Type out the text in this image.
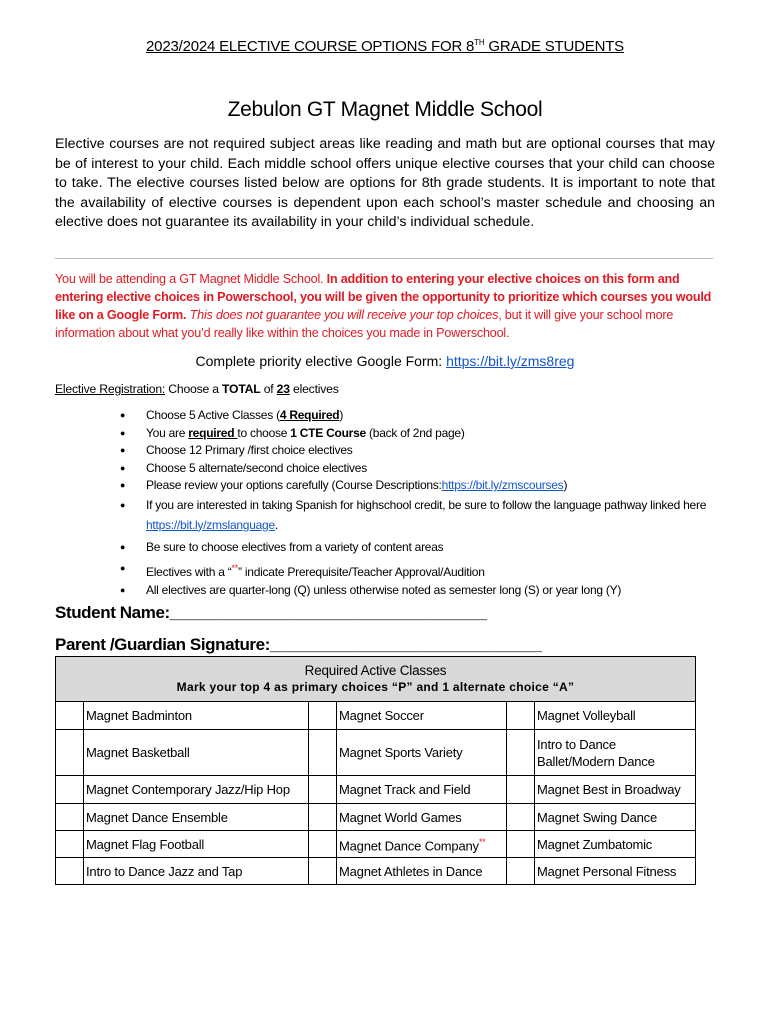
2023/2024 ELECTIVE COURSE OPTIONS FOR 8TH GRADE STUDENTS
Zebulon GT Magnet Middle School
Elective courses are not required subject areas like reading and math but are optional courses that may be of interest to your child. Each middle school offers unique elective courses that your child can choose to take. The elective courses listed below are options for 8th grade students. It is important to note that the availability of elective courses is dependent upon each school’s master schedule and choosing an elective does not guarantee its availability in your child’s individual schedule.
You will be attending a GT Magnet Middle School. In addition to entering your elective choices on this form and entering elective choices in Powerschool, you will be given the opportunity to prioritize which courses you would like on a Google Form. This does not guarantee you will receive your top choices, but it will give your school more information about what you’d really like within the choices you made in Powerschool.
Complete priority elective Google Form: https://bit.ly/zms8reg
Elective Registration: Choose a TOTAL of 23 electives
● Choose 5 Active Classes (4 Required)
● You are required to choose 1 CTE Course (back of 2nd page)
● Choose 12 Primary /first choice electives
● Choose 5 alternate/second choice electives
● Please review your options carefully (Course Descriptions:https://bit.ly/zmscourses)
● If you are interested in taking Spanish for highschool credit, be sure to follow the language pathway linked here https://bit.ly/zmslanguage.
● Be sure to choose electives from a variety of content areas
● Electives with a “**” indicate Prerequisite/Teacher Approval/Audition
● All electives are quarter-long (Q) unless otherwise noted as semester long (S) or year long (Y)
Student Name:___________________________________
Parent /Guardian Signature:______________________________
Required Active Classes
Mark your top 4 as primary choices “P” and 1 alternate choice “A”					

	Magnet Badminton		Magnet Soccer		Magnet Volleyball
	Magnet Basketball		Magnet Sports Variety		Intro to Dance
Ballet/Modern Dance
	Magnet Contemporary Jazz/Hip Hop		Magnet Track and Field		Magnet Best in Broadway
	Magnet Dance Ensemble		Magnet World Games		Magnet Swing Dance
	Magnet Flag Football		Magnet Dance Company**		Magnet Zumbatomic
	Intro to Dance Jazz and Tap		Magnet Athletes in Dance		Magnet Personal Fitness
